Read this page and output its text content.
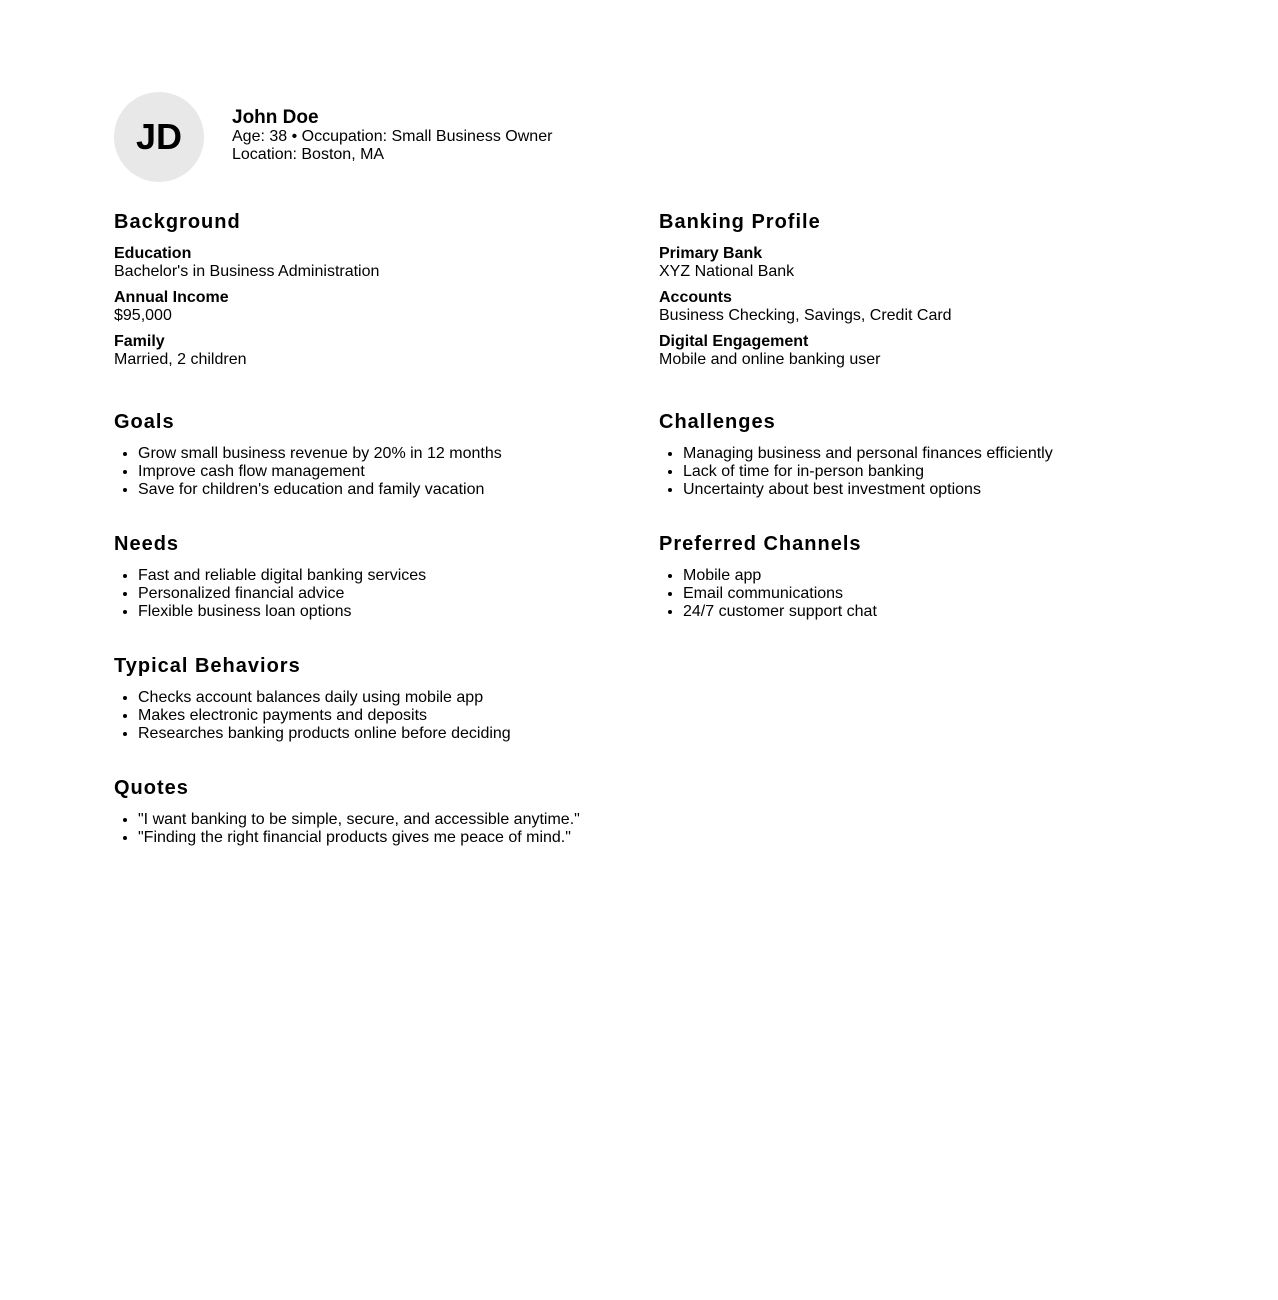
JD	John Doe
Age: 38 • Occupation: Small Business Owner
Location: Boston, MA
Background
Education
Bachelor's in Business Administration
Annual Income
$95,000
Family
Married, 2 children
Banking Profile
Primary Bank
XYZ National Bank
Accounts
Business Checking, Savings, Credit Card
Digital Engagement
Mobile and online banking user
Goals
• Grow small business revenue by 20% in 12 months
• Improve cash flow management
• Save for children's education and family vacation
Challenges
• Managing business and personal finances efficiently
• Lack of time for in-person banking
• Uncertainty about best investment options
Needs
• Fast and reliable digital banking services
• Personalized financial advice
• Flexible business loan options
Preferred Channels
• Mobile app
• Email communications
• 24/7 customer support chat
Typical Behaviors
• Checks account balances daily using mobile app
• Makes electronic payments and deposits
• Researches banking products online before deciding
Quotes
• "I want banking to be simple, secure, and accessible anytime."
• "Finding the right financial products gives me peace of mind."
